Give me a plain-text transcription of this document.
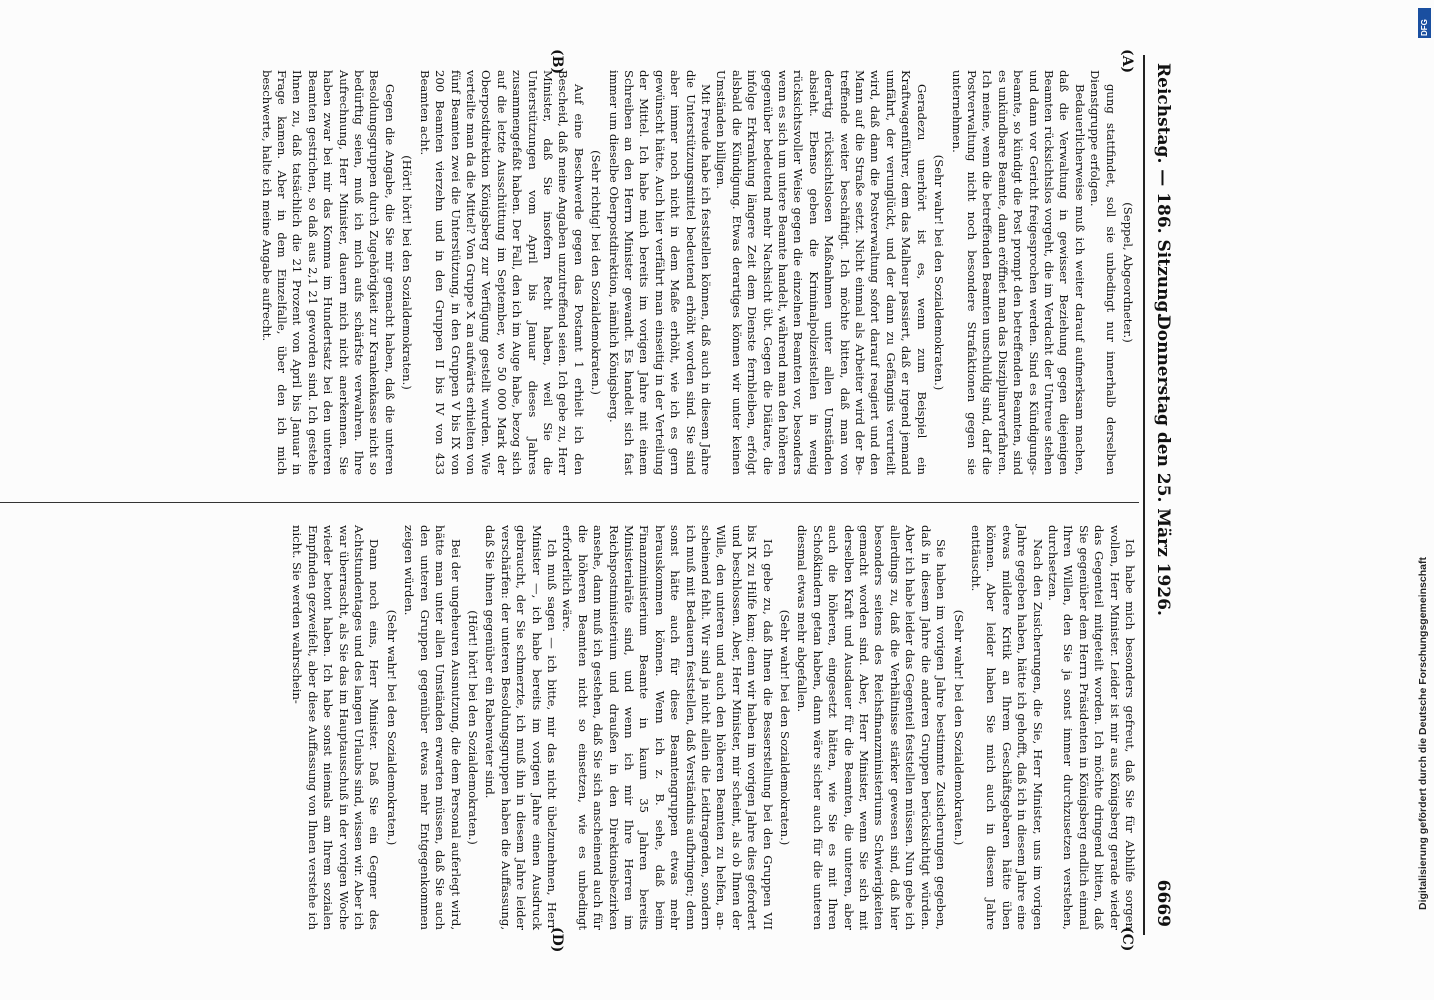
DFG
Digitalisierung gefördert durch die Deutsche Forschungsgemeinschaft
Reichstag. — 186. Sitzung.
Donnerstag den 25. März 1926.
6669
(A)
(B)
(C)
(D)

(Seppel, Abgeordneter.)

gung stattfindet, soll sie unbedingt nur innerhalb derselben Dienstgruppe erfolgen.

Bedauerlicherweise muß ich weiter darauf aufmerksam machen, daß die Verwaltung in gewisser Beziehung gegen diejenigen Beamten rücksichtslos vorgeht, die im Verdacht der Untreue stehen und dann vor Gericht freigesprochen werden. Sind es Kündigungsbeamte, so kündigt die Post prompt den betreffenden Beamten, sind es unkündbare Beamte, dann eröffnet man das Disziplinarverfahren. Ich meine, wenn die betreffenden Beamten unschuldig sind, darf die Postverwaltung nicht noch besondere Strafaktionen gegen sie unternehmen.

(Sehr wahr! bei den Sozialdemokraten.)

Geradezu unerhört ist es, wenn zum Beispiel ein Kraftwagenführer, dem das Malheur passiert, daß er irgend jemand umfährt, der verunglückt, und der dann zu Gefängnis verurteilt wird, daß dann die Postverwaltung sofort darauf reagiert und den Mann auf die Straße setzt. Nicht einmal als Arbeiter wird der Betreffende weiter beschäftigt. Ich möchte bitten, daß man von derartig rücksichtslosen Maßnahmen unter allen Umständen absieht. Ebenso geben die Kriminalpolizeistellen in wenig rücksichtsvoller Weise gegen die einzelnen Beamten vor, besonders wenn es sich um untere Beamte handelt, während man den höheren gegenüber bedeutend mehr Nachsicht übt. Gegen die Diätare, die infolge Erkrankung längere Zeit dem Dienste fernbleiben, erfolgt alsbald die Kündigung. Etwas derartiges können wir unter keinen Umständen billigen.

Mit Freude habe ich feststellen können, daß auch in diesem Jahre die Unterstützungsmittel bedeutend erhöht worden sind. Sie sind aber immer noch nicht in dem Maße erhöht, wie ich es gern gewünscht hätte. Auch hier verfährt man einseitig in der Verteilung der Mittel. Ich habe mich bereits im vorigen Jahre mit einem Schreiben an den Herrn Minister gewandt. Es handelt sich fast immer um dieselbe Oberpostdirektion, nämlich Königsberg.

(Sehr richtig! bei den Sozialdemokraten.)

Auf eine Beschwerde gegen das Postamt 1 erhielt ich den Bescheid, daß meine Angaben unzutreffend seien. Ich gebe zu, Herr Minister, daß Sie insofern Recht haben, weil Sie die Unterstützungen vom April bis Januar dieses Jahres zusammengefaßt haben. Der Fall, den ich im Auge habe, bezog sich auf die letzte Ausschüttung im September, wo 50 000 Mark der Oberpostdirektion Königsberg zur Verfügung gestellt wurden. Wie verteilte man da die Mittel? Von Gruppe X an aufwärts erhielten von fünf Beamten zwei die Unterstützung, in den Gruppen V bis IX von 200 Beamten vierzehn und in den Gruppen II bis IV von 433 Beamten acht.

(Hört! hört! bei den Sozialdemokraten.)

Gegen die Angabe, die Sie mir gemacht haben, daß die unteren Besoldungsgruppen durch Zugehörigkeit zur Krankenkasse nicht so bedürftig seien, muß ich mich aufs schärfste verwahren. Ihre Aufrechnung, Herr Minister, dauern mich nicht anerkennen. Sie haben zwar bei mir das Komma im Hundertsatz bei den unteren Beamten gestrichen, so daß aus 2,1 21 geworden sind. Ich gestehe Ihnen zu, daß tatsächlich die 21 Prozent von April bis Januar in Frage kamen. Aber in dem Einzelfalle, über den ich mich beschwerte, halte ich meine Angabe aufrecht.

Ich habe mich besonders gefreut, daß Sie für Abhilfe sorgen wollen, Herr Minister. Leider ist mir aus Königsberg gerade wieder das Gegenteil mitgeteilt worden. Ich möchte dringend bitten, daß Sie gegenüber dem Herrn Präsidenten in Königsberg endlich einmal Ihren Willen, den Sie ja sonst immer durchzusetzen verstehen, durchsetzen.

Nach den Zusicherungen, die Sie, Herr Minister, uns im vorigen Jahre gegeben haben, hätte ich gehofft, daß ich in diesem Jahre eine etwas mildere Kritik an Ihrem Geschäftsgebaren hätte üben können. Aber leider haben Sie mich auch in diesem Jahre enttäuscht.

(Sehr wahr! bei den Sozialdemokraten.)

Sie haben im vorigen Jahre bestimmte Zusicherungen gegeben, daß in diesem Jahre die anderen Gruppen berücksichtigt würden. Aber ich habe leider das Gegenteil feststellen müssen. Nun gebe ich allerdings zu, daß die Verhältnisse stärker gewesen sind, daß hier besonders seitens des Reichsfinanzministeriums Schwierigkeiten gemacht worden sind. Aber, Herr Minister, wenn Sie sich mit derselben Kraft und Ausdauer für die Beamten, die unteren, aber auch die höheren, eingesetzt hätten, wie Sie es mit Ihren Schoßkindern getan haben, dann wäre sicher auch für die unteren diesmal etwas mehr abgefallen.

(Sehr wahr! bei den Sozialdemokraten.)

Ich gebe zu, daß Ihnen die Besserstellung bei den Gruppen VII bis IX zu Hilfe kam; denn wir haben im vorigen Jahre dies gefordert und beschlossen. Aber, Herr Minister, mir scheint, als ob Ihnen der Wille, den unteren und auch den höheren Beamten zu helfen, anscheinend fehlt. Wir sind ja nicht allein die Leidtragenden, sondern ich muß mit Bedauern feststellen, daß Verständnis aufbringen; denn sonst hätte auch für diese Beamtengruppen etwas mehr herauskommen können. Wenn ich z. B. sehe, daß beim Finanzministerium Beamte in kaum 35 Jahren bereits Ministerialräte sind, und wenn ich mir Ihre Herren im Reichspostministerium und draußen in den Direktionsbezirken ansehe, dann muß ich gestehen, daß Sie sich anscheinend auch für die höheren Beamten nicht so einsetzen, wie es unbedingt erforderlich wäre.

Ich muß sagen — ich bitte, mir das nicht übelzunehmen, Herr Minister —, ich habe bereits im vorigen Jahre einen Ausdruck gebraucht, der Sie schmerzte, ich muß ihn in diesem Jahre leider verschärfen: der unteren Besoldungsgruppen haben die Auffassung, daß Sie ihnen gegenüber ein Rabenvater sind.

(Hört! hört! bei den Sozialdemokraten.)

Bei der ungeheuren Ausnutzung, die dem Personal auferlegt wird, hätte man unter allen Umständen erwarten müssen, daß Sie auch den unteren Gruppen gegenüber etwas mehr Entgegenkommen zeigen würden.

(Sehr wahr! bei den Sozialdemokraten.)

Dann noch eins, Herr Minister. Daß Sie ein Gegner des Achtstundentages und des langen Urlaubs sind, wissen wir. Aber ich war überrascht, als Sie das im Hauptausschuß in der vorigen Woche wieder betont haben. Ich habe sonst niemals am Ihrem sozialen Empfinden gezweifelt, aber diese Auffassung von Ihnen verstehe ich nicht. Sie werden wahrschein-
